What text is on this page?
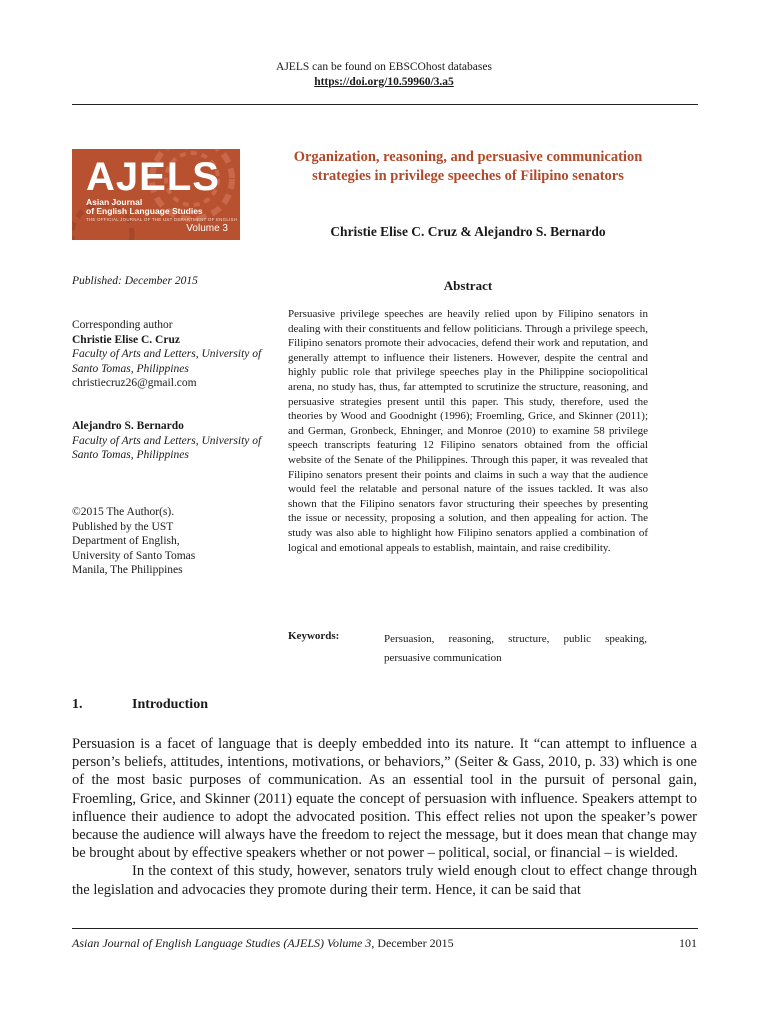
AJELS can be found on EBSCOhost databases
https://doi.org/10.59960/3.a5
AJELS
Asian Journal
of English Language Studies
THE OFFICIAL JOURNAL OF THE UST DEPARTMENT OF ENGLISH
Volume 3
Organization, reasoning, and persuasive communication strategies in privilege speeches of Filipino senators
Christie Elise C. Cruz & Alejandro S. Bernardo
Published: December 2015
Corresponding author
Christie Elise C. Cruz
Faculty of Arts and Letters, University of Santo Tomas, Philippines
christiecruz26@gmail.com
Alejandro S. Bernardo
Faculty of Arts and Letters, University of Santo Tomas, Philippines
©2015 The Author(s).
Published by the UST
Department of English,
University of Santo Tomas
Manila, The Philippines
Abstract
Persuasive privilege speeches are heavily relied upon by Filipino senators in dealing with their constituents and fellow politicians. Through a privilege speech, Filipino senators promote their advocacies, defend their work and reputation, and generally attempt to influence their listeners. However, despite the central and highly public role that privilege speeches play in the Philippine sociopolitical arena, no study has, thus, far attempted to scrutinize the structure, reasoning, and persuasive strategies present until this paper. This study, therefore, used the theories by Wood and Goodnight (1996); Froemling, Grice, and Skinner (2011); and German, Gronbeck, Ehninger, and Monroe (2010) to examine 58 privilege speech transcripts featuring 12 Filipino senators obtained from the official website of the Senate of the Philippines. Through this paper, it was revealed that Filipino senators present their points and claims in such a way that the audience would feel the relatable and personal nature of the issues tackled. It was also shown that the Filipino senators favor structuring their speeches by presenting the issue or necessity, proposing a solution, and then appealing for action. The study was also able to highlight how Filipino senators applied a combination of logical and emotional appeals to establish, maintain, and raise credibility.
Keywords:	Persuasion, reasoning, structure, public speaking, persuasive communication
1.	Introduction

Persuasion is a facet of language that is deeply embedded into its nature. It “can attempt to influence a person’s beliefs, attitudes, intentions, motivations, or behaviors,” (Seiter & Gass, 2010, p. 33) which is one of the most basic purposes of communication. As an essential tool in the pursuit of personal gain, Froemling, Grice, and Skinner (2011) equate the concept of persuasion with influence. Speakers attempt to influence their audience to adopt the advocated position. This effect relies not upon the speaker’s power because the audience will always have the freedom to reject the message, but it does mean that change may be brought about by effective speakers whether or not power – political, social, or financial – is wielded.

In the context of this study, however, senators truly wield enough clout to effect change through the legislation and advocacies they promote during their term. Hence, it can be said that

Asian Journal of English Language Studies (AJELS) Volume 3, December 2015	101
